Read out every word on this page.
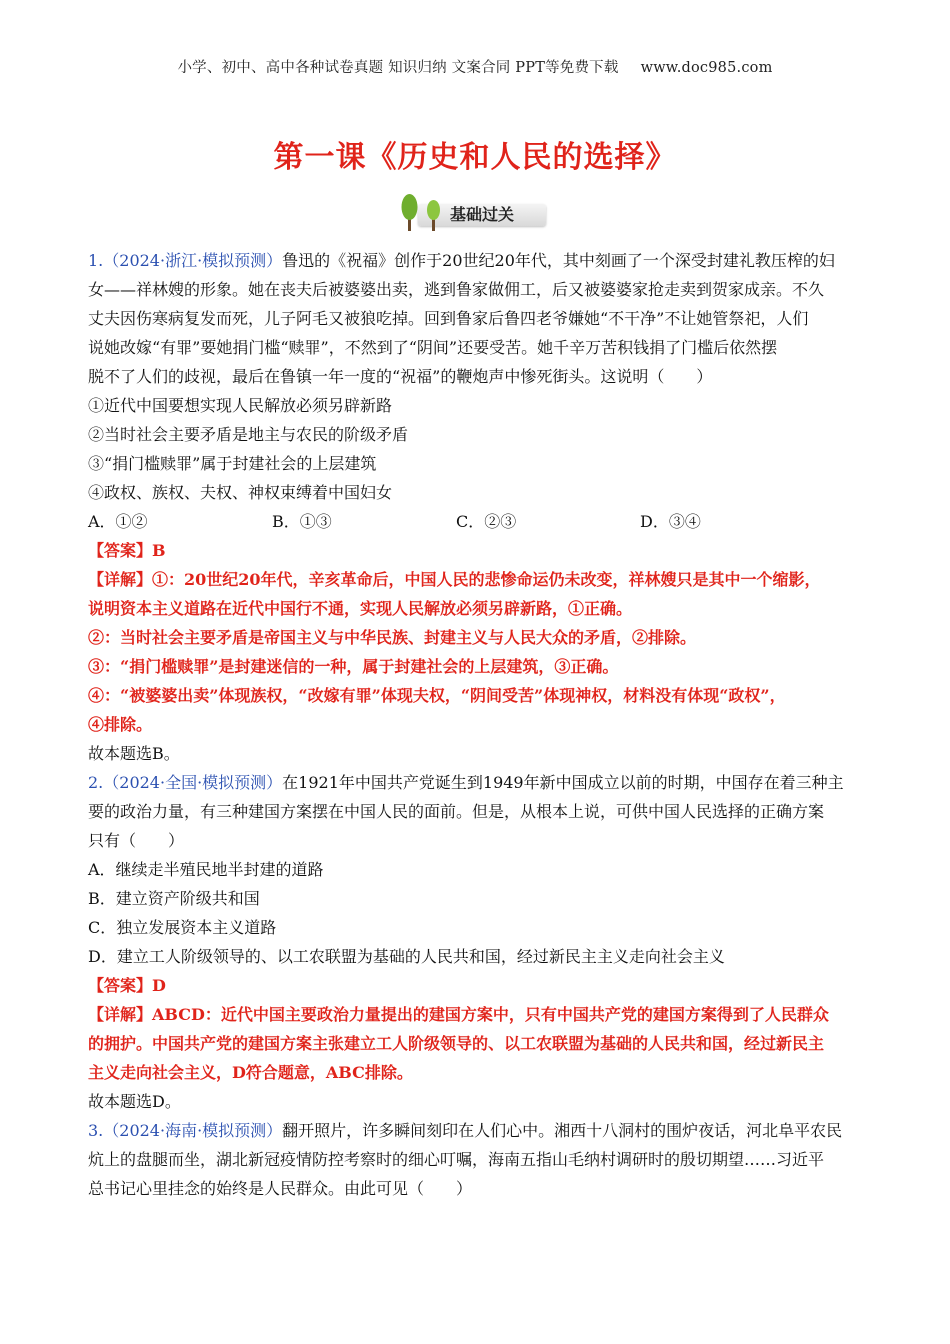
小学、初中、高中各种试卷真题 知识归纳 文案合同 PPT等免费下载 www.doc985.com
第一课《历史和人民的选择》
基础过关

1.（2024·浙江·模拟预测）鲁迅的《祝福》创作于20世纪20年代，其中刻画了一个深受封建礼教压榨的妇

女——祥林嫂的形象。她在丧夫后被婆婆出卖，逃到鲁家做佣工，后又被婆婆家抢走卖到贺家成亲。不久

丈夫因伤寒病复发而死，儿子阿毛又被狼吃掉。回到鲁家后鲁四老爷嫌她“不干净”不让她管祭祀，人们

说她改嫁“有罪”要她捐门槛“赎罪”，不然到了“阴间”还要受苦。她千辛万苦积钱捐了门槛后依然摆

脱不了人们的歧视，最后在鲁镇一年一度的“祝福”的鞭炮声中惨死街头。这说明（　　）

①近代中国要想实现人民解放必须另辟新路

②当时社会主要矛盾是地主与农民的阶级矛盾

③“捐门槛赎罪”属于封建社会的上层建筑

④政权、族权、夫权、神权束缚着中国妇女

A．①②	B．①③	C．②③	D．③④

【答案】B

【详解】①：20世纪20年代，辛亥革命后，中国人民的悲惨命运仍未改变，祥林嫂只是其中一个缩影，

说明资本主义道路在近代中国行不通，实现人民解放必须另辟新路，①正确。

②：当时社会主要矛盾是帝国主义与中华民族、封建主义与人民大众的矛盾，②排除。

③：“捐门槛赎罪”是封建迷信的一种，属于封建社会的上层建筑，③正确。

④：“被婆婆出卖”体现族权，“改嫁有罪”体现夫权，“阴间受苦”体现神权，材料没有体现“政权”，

④排除。

故本题选B。

2.（2024·全国·模拟预测）在1921年中国共产党诞生到1949年新中国成立以前的时期，中国存在着三种主

要的政治力量，有三种建国方案摆在中国人民的面前。但是，从根本上说，可供中国人民选择的正确方案

只有（　　）

A．继续走半殖民地半封建的道路

B．建立资产阶级共和国

C．独立发展资本主义道路

D．建立工人阶级领导的、以工农联盟为基础的人民共和国，经过新民主主义走向社会主义

【答案】D

【详解】ABCD：近代中国主要政治力量提出的建国方案中，只有中国共产党的建国方案得到了人民群众

的拥护。中国共产党的建国方案主张建立工人阶级领导的、以工农联盟为基础的人民共和国，经过新民主

主义走向社会主义，D符合题意，ABC排除。

故本题选D。

3.（2024·海南·模拟预测）翻开照片，许多瞬间刻印在人们心中。湘西十八洞村的围炉夜话，河北阜平农民

炕上的盘腿而坐，湖北新冠疫情防控考察时的细心叮嘱，海南五指山毛纳村调研时的殷切期望……习近平

总书记心里挂念的始终是人民群众。由此可见（　　）
